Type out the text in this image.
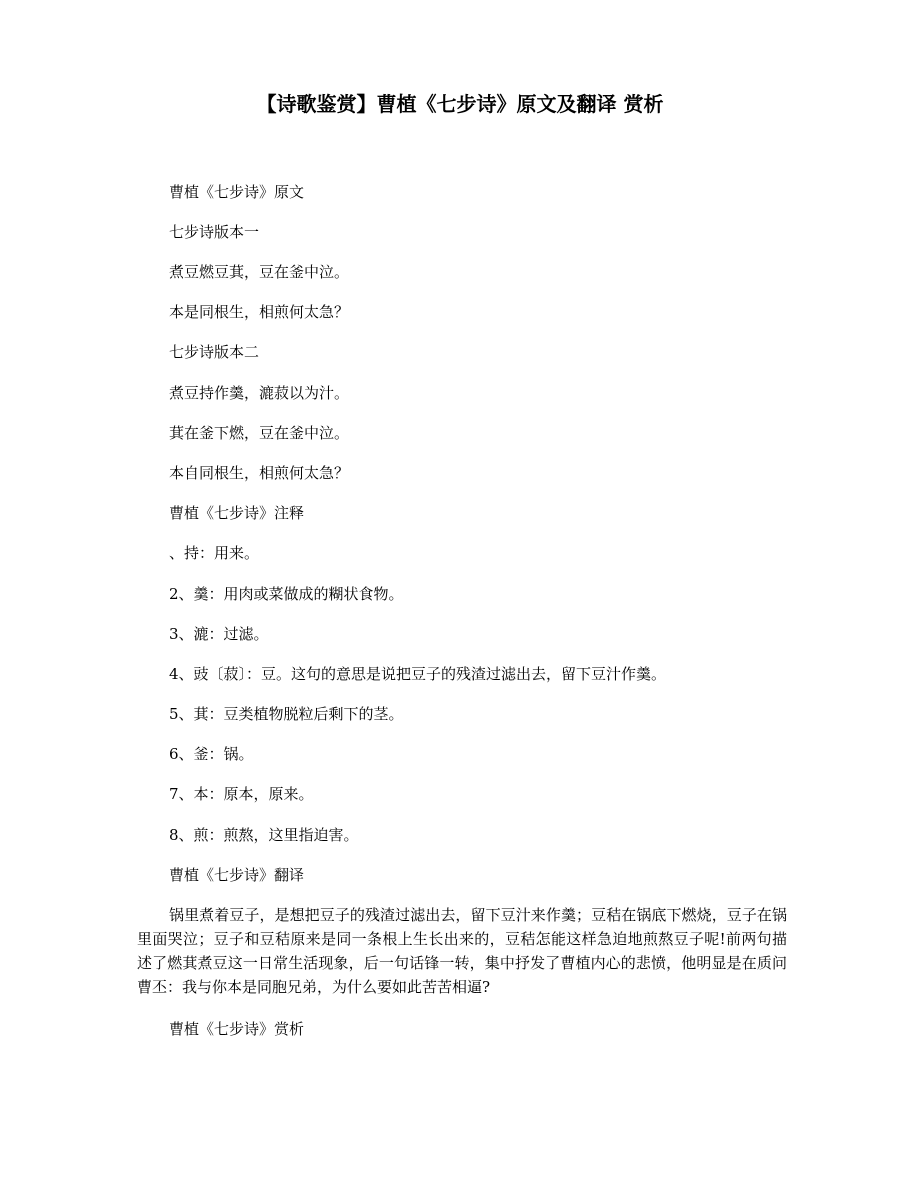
【诗歌鉴赏】曹植《七步诗》原文及翻译 赏析
曹植《七步诗》原文
七步诗版本一
煮豆燃豆萁，豆在釜中泣。
本是同根生，相煎何太急？
七步诗版本二
煮豆持作羹，漉菽以为汁。
萁在釜下燃，豆在釜中泣。
本自同根生，相煎何太急？
曹植《七步诗》注释
、持：用来。
2、羹：用肉或菜做成的糊状食物。
3、漉：过滤。
4、豉〔菽〕：豆。这句的意思是说把豆子的残渣过滤出去，留下豆汁作羹。
5、萁：豆类植物脱粒后剩下的茎。
6、釜：锅。
7、本：原本，原来。
8、煎：煎熬，这里指迫害。
曹植《七步诗》翻译
锅里煮着豆子，是想把豆子的残渣过滤出去，留下豆汁来作羹；豆秸在锅底下燃烧，豆子在锅里面哭泣；豆子和豆秸原来是同一条根上生长出来的，豆秸怎能这样急迫地煎熬豆子呢!前两句描述了燃萁煮豆这一日常生活现象，后一句话锋一转，集中抒发了曹植内心的悲愤，他明显是在质问曹丕：我与你本是同胞兄弟，为什么要如此苦苦相逼?
曹植《七步诗》赏析
